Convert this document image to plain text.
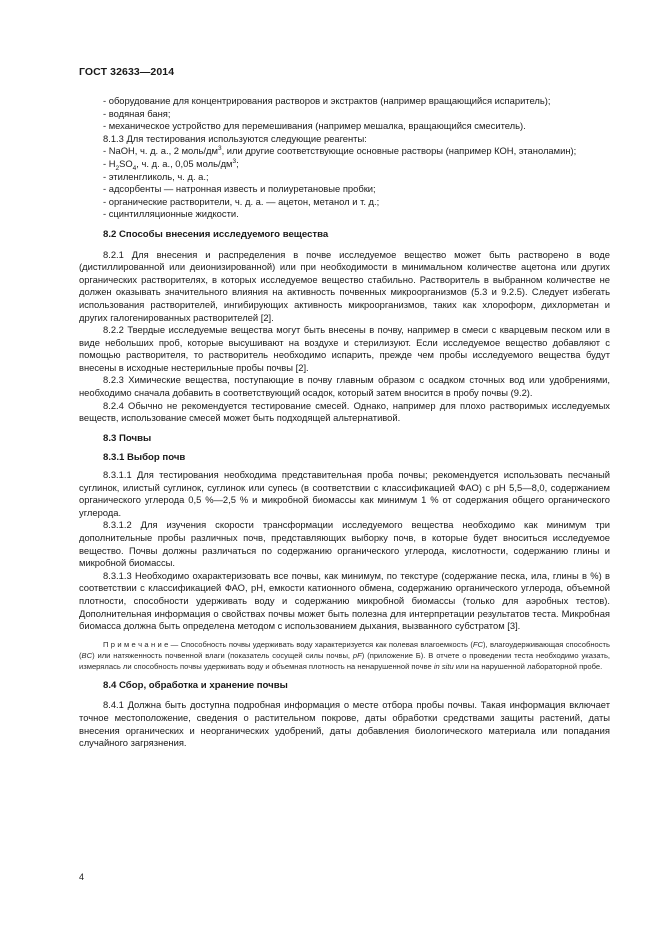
ГОСТ 32633—2014

- оборудование для концентрирования растворов и экстрактов (например вращающийся испаритель);

- водяная баня;

- механическое устройство для перемешивания (например мешалка, вращающийся смеситель).

8.1.3 Для тестирования используются следующие реагенты:

- NaOH, ч. д. а., 2 моль/$дм^3$, или другие соответствующие основные растворы (например КОН, этаноламин);

- $H_2SO_4$, ч. д. а., 0,05 моль/$дм^3$;

- этиленгликоль, ч. д. а.;

- адсорбенты — натронная известь и полиуретановые пробки;

- органические растворители, ч. д. а. — ацетон, метанол и т. д.;

- сцинтилляционные жидкости.

8.2 Способы внесения исследуемого вещества

8.2.1 Для внесения и распределения в почве исследуемое вещество может быть растворено в воде (дистиллированной или деионизированной) или при необходимости в минимальном количестве ацетона или других органических растворителях, в которых исследуемое вещество стабильно. Растворитель в выбранном количестве не должен оказывать значительного влияния на активность почвенных микроорганизмов (5.3 и 9.2.5). Следует избегать использования растворителей, ингибирующих активность микроорганизмов, таких как хлороформ, дихлорметан и других галогенированных растворителей [2].

8.2.2 Твердые исследуемые вещества могут быть внесены в почву, например в смеси с кварцевым песком или в виде небольших проб, которые высушивают на воздухе и стерилизуют. Если исследуемое вещество добавляют с помощью растворителя, то растворитель необходимо испарить, прежде чем пробы исследуемого вещества будут внесены в исходные нестерильные пробы почвы [2].

8.2.3 Химические вещества, поступающие в почву главным образом с осадком сточных вод или удобрениями, необходимо сначала добавить в соответствующий осадок, который затем вносится в пробу почвы (9.2).

8.2.4 Обычно не рекомендуется тестирование смесей. Однако, например для плохо растворимых исследуемых веществ, использование смесей может быть подходящей альтернативой.

8.3 Почвы
8.3.1 Выбор почв

8.3.1.1 Для тестирования необходима представительная проба почвы; рекомендуется использовать песчаный суглинок, илистый суглинок, суглинок или супесь (в соответствии с классификацией ФАО) с pH 5,5—8,0, содержанием органического углерода 0,5 %—2,5 % и микробной биомассы как минимум 1 % от содержания общего органического углерода.

8.3.1.2 Для изучения скорости трансформации исследуемого вещества необходимо как минимум три дополнительные пробы различных почв, представляющих выборку почв, в которые будет вноситься исследуемое вещество. Почвы должны различаться по содержанию органического углерода, кислотности, содержанию глины и микробной биомассы.

8.3.1.3 Необходимо охарактеризовать все почвы, как минимум, по текстуре (содержание песка, ила, глины в %) в соответствии с классификацией ФАО, pH, емкости катионного обмена, содержанию органического углерода, объемной плотности, способности удерживать воду и содержанию микробной биомассы (только для аэробных тестов). Дополнительная информация о свойствах почвы может быть полезна для интерпретации результатов теста. Микробная биомасса должна быть определена методом с использованием дыхания, вызванного субстратом [3].

П р и м е ч а н и е — Способность почвы удерживать воду характеризуется как полевая влагоемкость (FC), влагоудерживающая способность (BC) или натяженность почвенной влаги (показатель сосущей силы почвы, pF) (приложение Б). В отчете о проведении теста необходимо указать, измерялась ли способность почвы удерживать воду и объемная плотность на ненарушенной почве in situ или на нарушенной лабораторной пробе.

8.4 Сбор, обработка и хранение почвы

8.4.1 Должна быть доступна подробная информация о месте отбора пробы почвы. Такая информация включает точное местоположение, сведения о растительном покрове, даты обработки средствами защиты растений, даты внесения органических и неорганических удобрений, даты добавления биологического материала или попадания случайного загрязнения.

4
